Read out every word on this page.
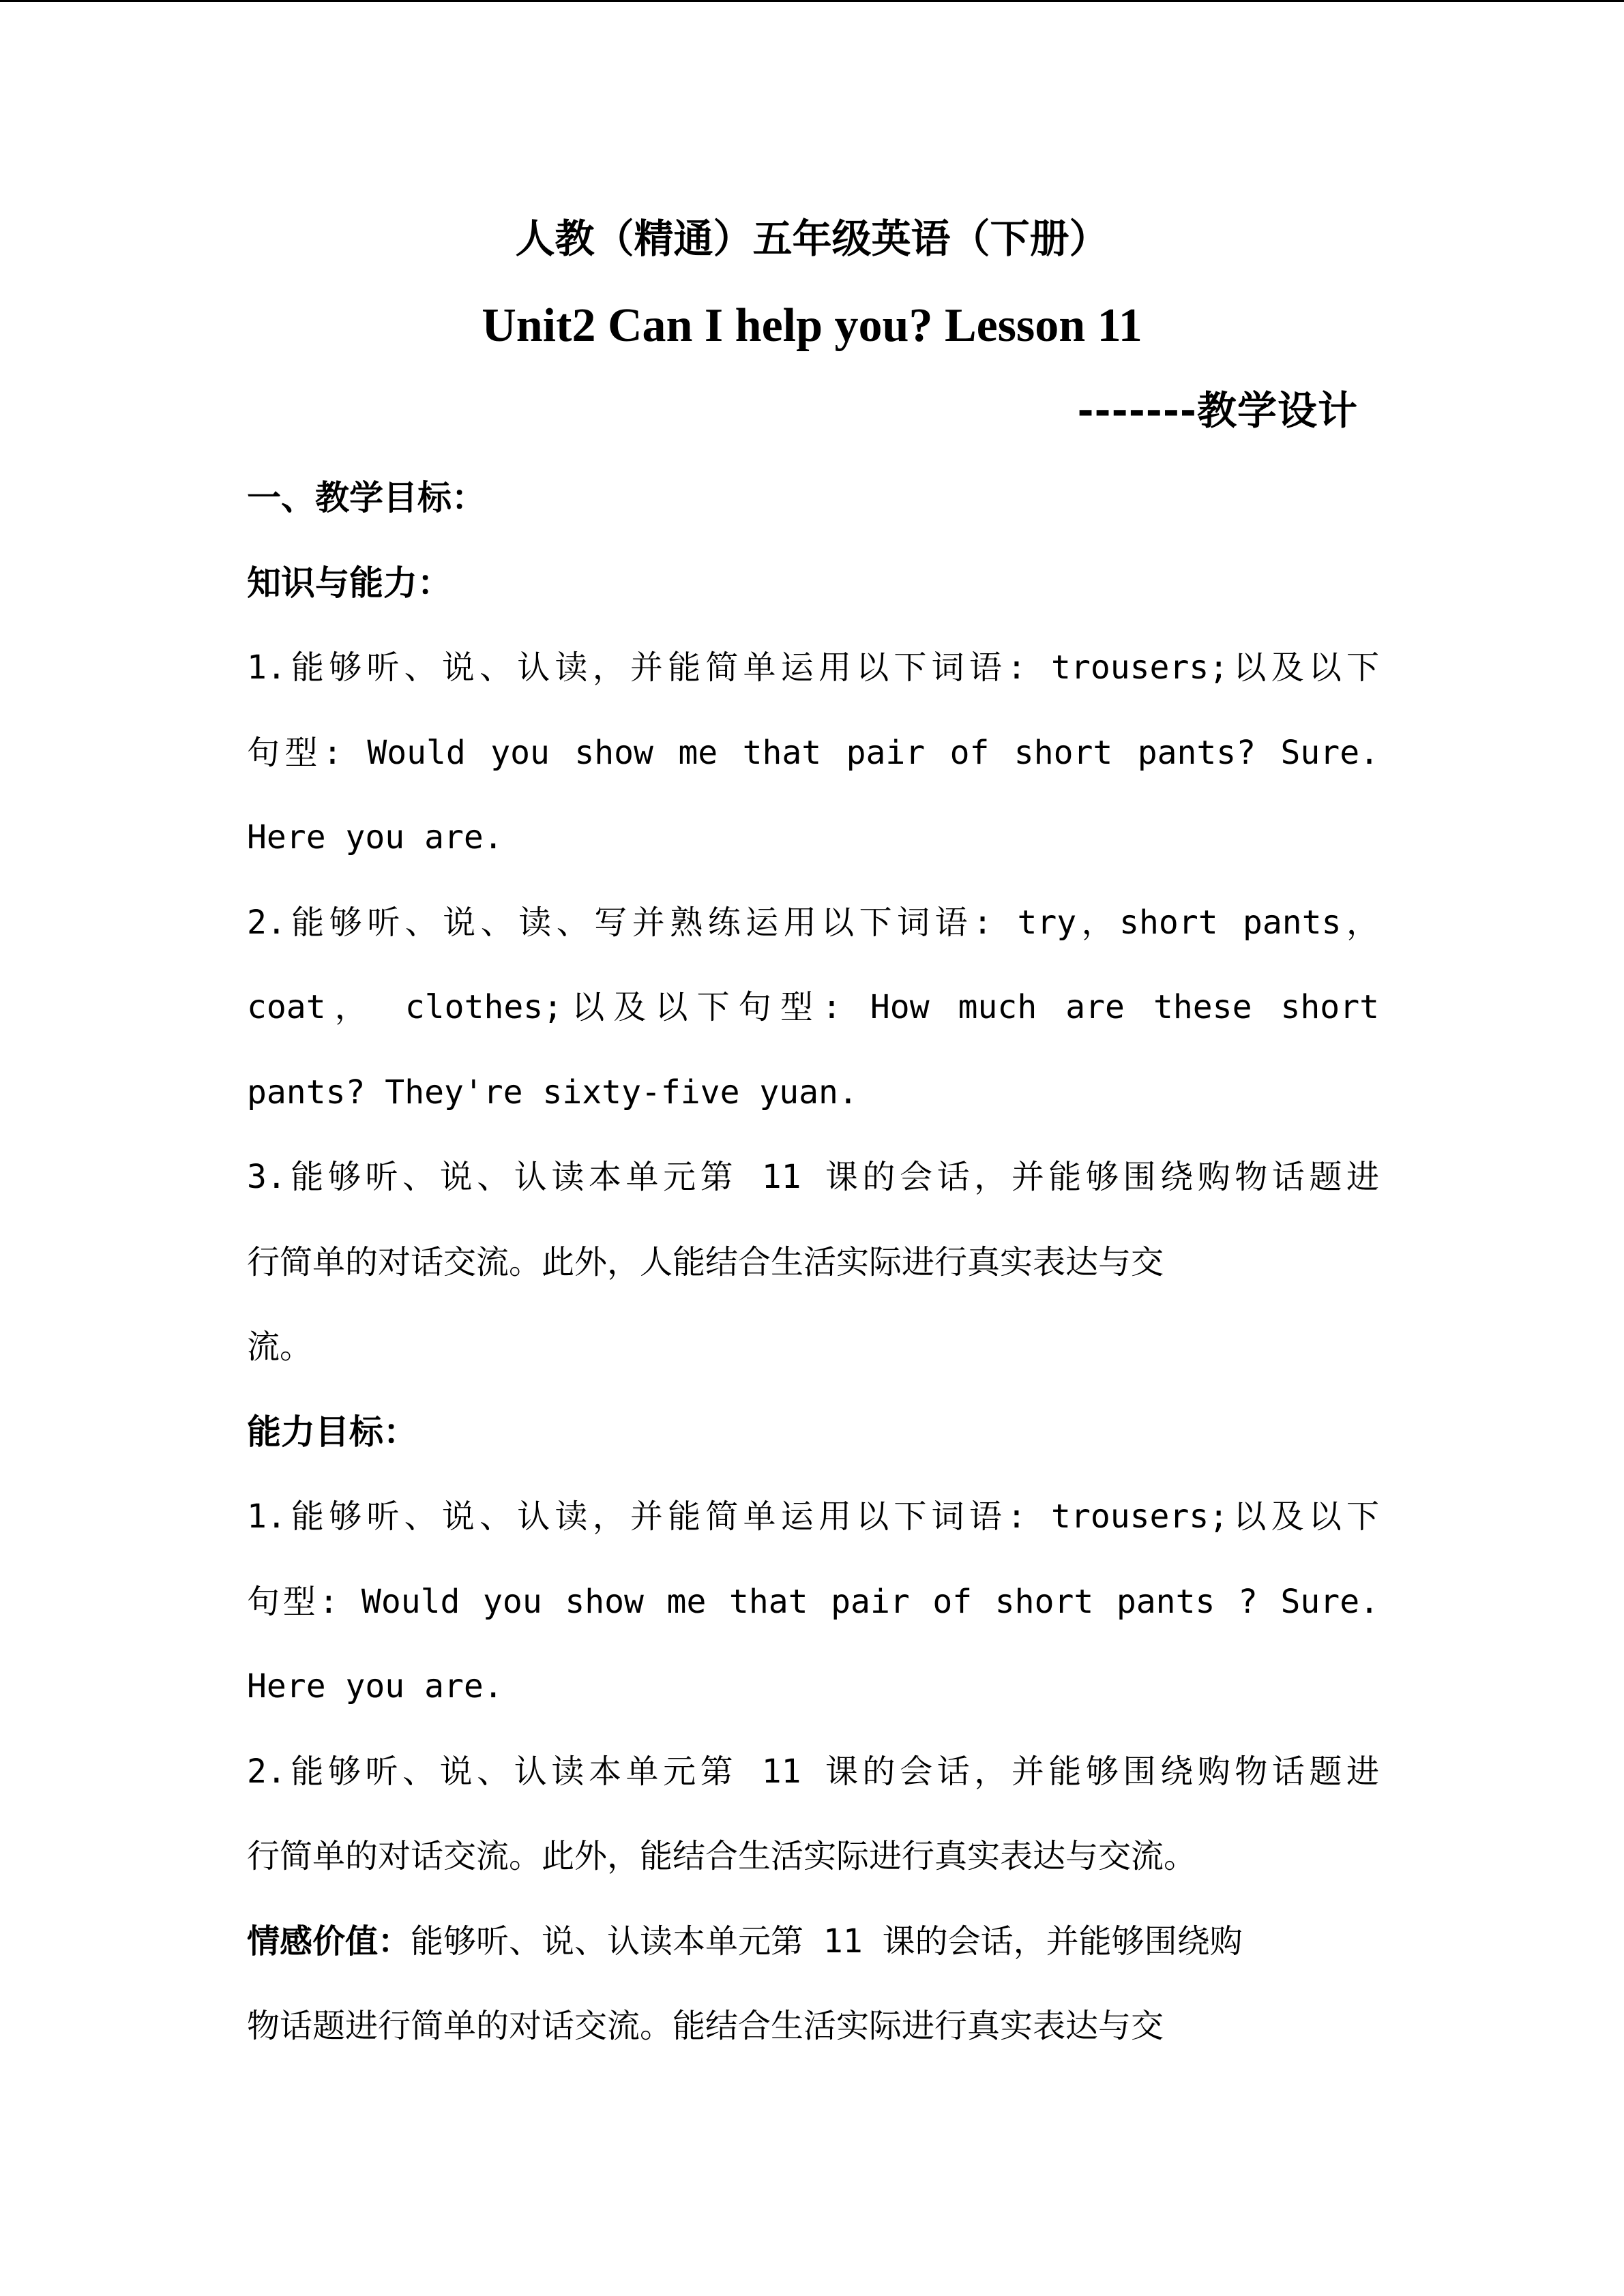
人教（精通）五年级英语（下册）
Unit2 Can I help you? Lesson 11
-------教学设计
一、教学目标：
知识与能力：
1.能够听、说、认读，并能简单运用以下词语: trousers;以及以下
句型: Would you show me that pair of short pants? Sure.
Here you are.
2.能够听、说、读、写并熟练运用以下词语: try，short pants，
coat， clothes;以及以下句型: How much are these short
pants? They're sixty-five yuan.
3.能够听、说、认读本单元第 11 课的会话，并能够围绕购物话题进
行简单的对话交流。此外，人能结合生活实际进行真实表达与交
流。
能力目标：
1.能够听、说、认读，并能简单运用以下词语: trousers;以及以下
句型: Would you show me that pair of short pants ? Sure.
Here you are.
2.能够听、说、认读本单元第 11 课的会话，并能够围绕购物话题进
行简单的对话交流。此外，能结合生活实际进行真实表达与交流。
情感价值：能够听、说、认读本单元第 11 课的会话，并能够围绕购
物话题进行简单的对话交流。能结合生活实际进行真实表达与交
